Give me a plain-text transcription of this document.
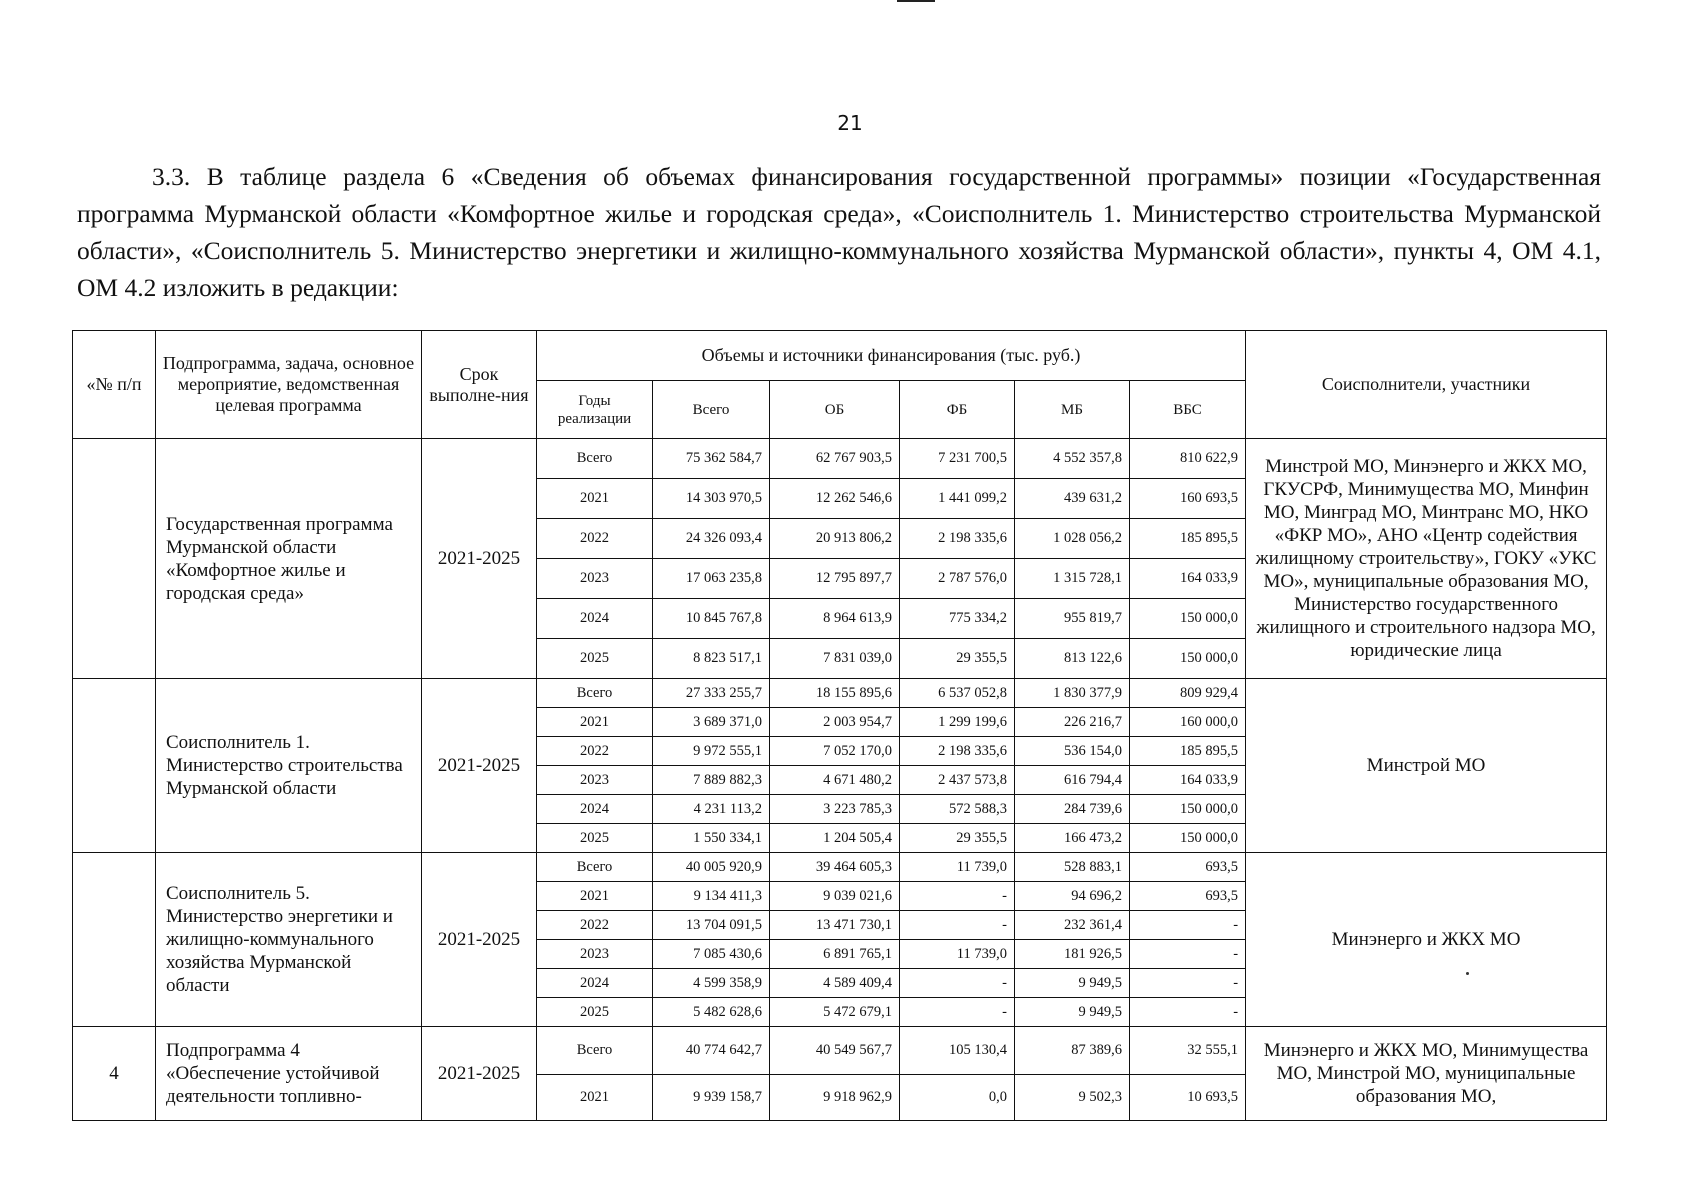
21
3.3. В таблице раздела 6 «Сведения об объемах финансирования государственной программы» позиции «Государственная программа Мурманской области «Комфортное жилье и городская среда», «Соисполнитель 1. Министерство строительства Мурманской области», «Соисполнитель 5. Министерство энергетики и жилищно-коммунального хозяйства Мурманской области», пункты 4, ОМ 4.1, ОМ 4.2 изложить в редакции:
«№ п/п	Подпрограмма, задача, основное мероприятие, ведомственная целевая программа	Срок выполне-ния	Объемы и источники финансирования (тыс. руб.)						Соисполнители, участники
			Годы реализации	Всего	ОБ	ФБ	МБ	ВБС	
	Государственная программа Мурманской области «Комфортное жилье и городская среда»	2021-2025	Всего	75 362 584,7	62 767 903,5	7 231 700,5	4 552 357,8	810 622,9	Минстрой МО, Минэнерго и ЖКХ МО, ГКУСРФ, Минимущества МО, Минфин МО, Минград МО, Минтранс МО, НКО «ФКР МО», АНО «Центр содействия жилищному строительству», ГОКУ «УКС МО», муниципальные образования МО, Министерство государственного жилищного и строительного надзора МО, юридические лица
			2021	14 303 970,5	12 262 546,6	1 441 099,2	439 631,2	160 693,5	
			2022	24 326 093,4	20 913 806,2	2 198 335,6	1 028 056,2	185 895,5	
			2023	17 063 235,8	12 795 897,7	2 787 576,0	1 315 728,1	164 033,9	
			2024	10 845 767,8	8 964 613,9	775 334,2	955 819,7	150 000,0	
			2025	8 823 517,1	7 831 039,0	29 355,5	813 122,6	150 000,0	
	Соисполнитель 1. Министерство строительства Мурманской области	2021-2025	Всего	27 333 255,7	18 155 895,6	6 537 052,8	1 830 377,9	809 929,4	Минстрой МО
			2021	3 689 371,0	2 003 954,7	1 299 199,6	226 216,7	160 000,0	
			2022	9 972 555,1	7 052 170,0	2 198 335,6	536 154,0	185 895,5	
			2023	7 889 882,3	4 671 480,2	2 437 573,8	616 794,4	164 033,9	
			2024	4 231 113,2	3 223 785,3	572 588,3	284 739,6	150 000,0	
			2025	1 550 334,1	1 204 505,4	29 355,5	166 473,2	150 000,0	
	Соисполнитель 5. Министерство энергетики и жилищно-коммунального хозяйства Мурманской области	2021-2025	Всего	40 005 920,9	39 464 605,3	11 739,0	528 883,1	693,5	Минэнерго и ЖКХ МО
			2021	9 134 411,3	9 039 021,6	-	94 696,2	693,5	
			2022	13 704 091,5	13 471 730,1	-	232 361,4	-	
			2023	7 085 430,6	6 891 765,1	11 739,0	181 926,5	-	
			2024	4 599 358,9	4 589 409,4	-	9 949,5	-	
			2025	5 482 628,6	5 472 679,1	-	9 949,5	-	
4	Подпрограмма 4 «Обеспечение устойчивой деятельности топливно-	2021-2025	Всего	40 774 642,7	40 549 567,7	105 130,4	87 389,6	32 555,1	Минэнерго и ЖКХ МО, Минимущества МО, Минстрой МО, муниципальные образования МО,
			2021	9 939 158,7	9 918 962,9	0,0	9 502,3	10 693,5	
